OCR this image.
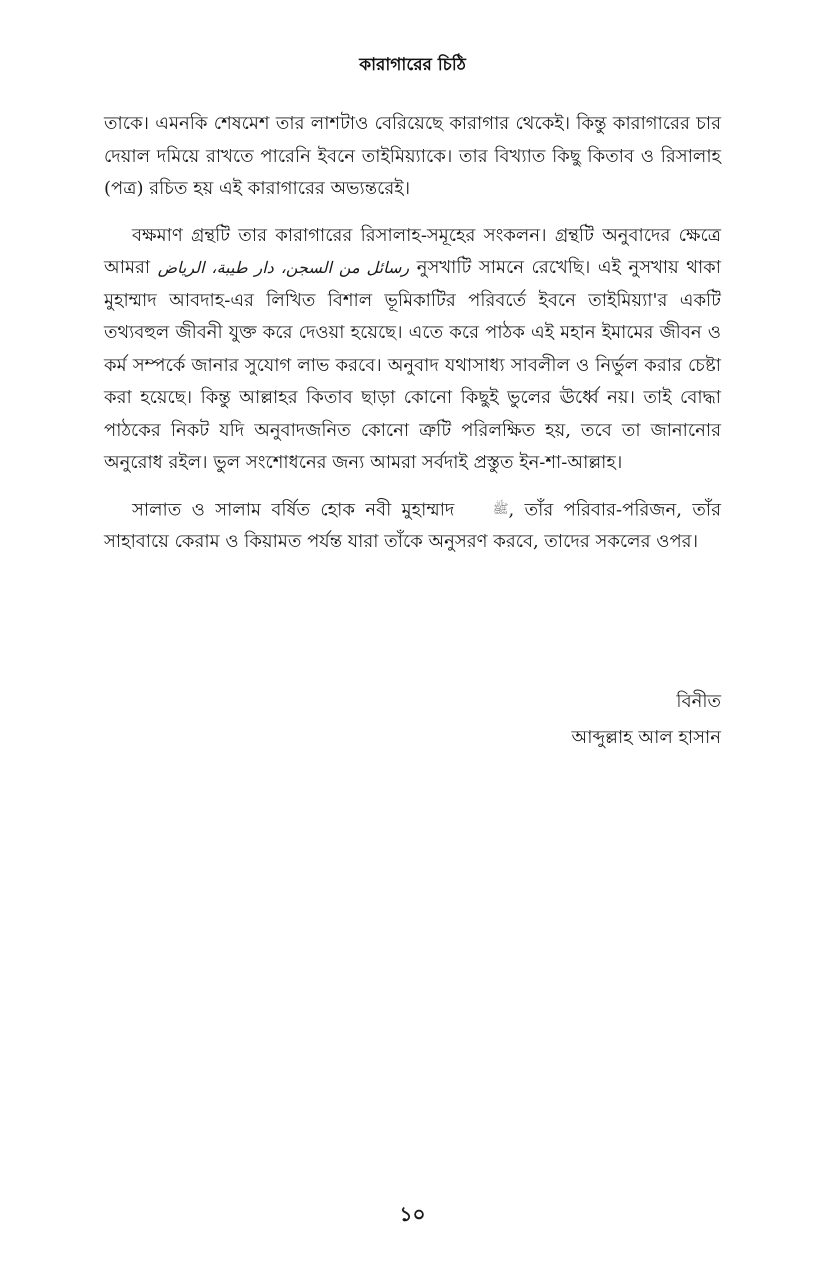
কারাগারের চিঠি

তাকে। এমনকি শেষমেশ তার লাশটাও বেরিয়েছে কারাগার থেকেই। কিন্তু কারাগারের চার দেয়াল দমিয়ে রাখতে পারেনি ইবনে তাইমিয়্যাকে। তার বিখ্যাত কিছু কিতাব ও রিসালাহ (পত্র) রচিত হয় এই কারাগারের অভ্যন্তরেই।

বক্ষমাণ গ্রন্থটি তার কারাগারের রিসালাহ-সমূহের সংকলন। গ্রন্থটি অনুবাদের ক্ষেত্রে আমরা رسائل من السجن، دار طيبة، الرياض নুসখাটি সামনে রেখেছি। এই নুসখায় থাকা মুহাম্মাদ আবদাহ-এর লিখিত বিশাল ভূমিকাটির পরিবর্তে ইবনে তাইমিয়্যা'র একটি তথ্যবহুল জীবনী যুক্ত করে দেওয়া হয়েছে। এতে করে পাঠক এই মহান ইমামের জীবন ও কর্ম সম্পর্কে জানার সুযোগ লাভ করবে। অনুবাদ যথাসাধ্য সাবলীল ও নির্ভুল করার চেষ্টা করা হয়েছে। কিন্তু আল্লাহর কিতাব ছাড়া কোনো কিছুই ভুলের ঊর্ধ্বে নয়। তাই বোদ্ধা পাঠকের নিকট যদি অনুবাদজনিত কোনো ত্রুটি পরিলক্ষিত হয়, তবে তা জানানোর অনুরোধ রইল। ভুল সংশোধনের জন্য আমরা সর্বদাই প্রস্তুত ইন-শা-আল্লাহ।

সালাত ও সালাম বর্ষিত হোক নবী মুহাম্মাদ	ﷺ, তাঁর পরিবার-পরিজন, তাঁর সাহাবায়ে কেরাম ও কিয়ামত পর্যন্ত যারা তাঁকে অনুসরণ করবে, তাদের সকলের ওপর।

বিনীত
আব্দুল্লাহ আল হাসান
১০
